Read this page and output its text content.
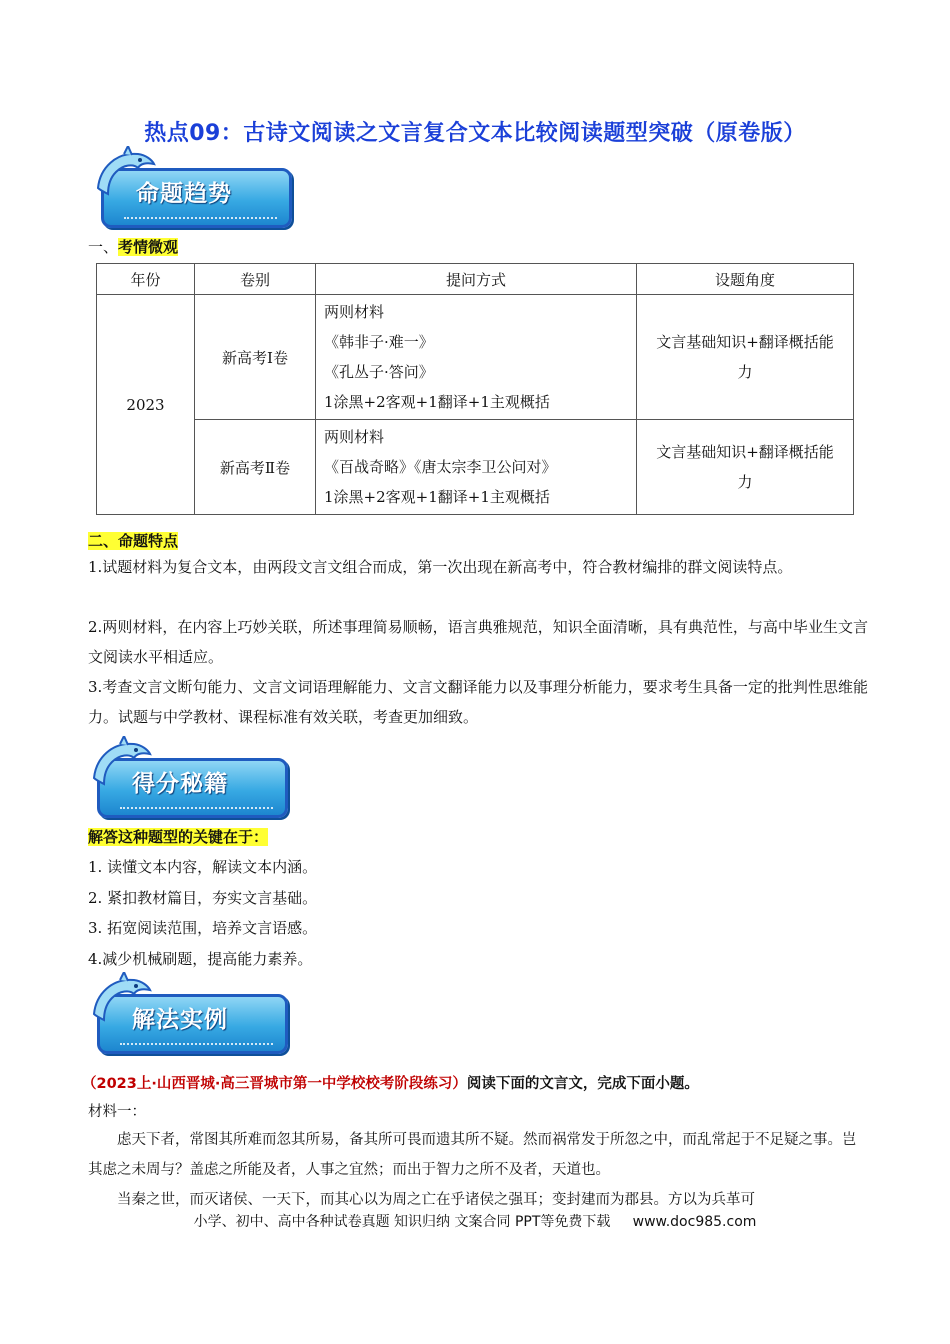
热点09：古诗文阅读之文言复合文本比较阅读题型突破（原卷版）
命题趋势
一、考情微观
年份	卷别	提问方式	设题角度
2023	新高考Ⅰ卷	两则材料
《韩非子·难一》
《孔丛子·答问》
1涂黑+2客观+1翻译+1主观概括	文言基础知识+翻译概括能力
	新高考Ⅱ卷	两则材料
《百战奇略》《唐太宗李卫公问对》
1涂黑+2客观+1翻译+1主观概括	文言基础知识+翻译概括能力
二、命题特点
1.试题材料为复合文本，由两段文言文组合而成，第一次出现在新高考中，符合教材编排的群文阅读特点。
2.两则材料，在内容上巧妙关联，所述事理简易顺畅，语言典雅规范，知识全面清晰，具有典范性，与高中毕业生文言文阅读水平相适应。
3.考查文言文断句能力、文言文词语理解能力、文言文翻译能力以及事理分析能力，要求考生具备一定的批判性思维能力。试题与中学教材、课程标准有效关联，考查更加细致。
得分秘籍
解答这种题型的关键在于：
1. 读懂文本内容，解读文本内涵。
2. 紧扣教材篇目，夯实文言基础。
3. 拓宽阅读范围，培养文言语感。
4.减少机械刷题，提高能力素养。
解法实例
（2023上·山西晋城·高三晋城市第一中学校校考阶段练习）阅读下面的文言文，完成下面小题。
材料一：
虑天下者，常图其所难而忽其所易，备其所可畏而遗其所不疑。然而祸常发于所忽之中，而乱常起于不足疑之事。岂其虑之未周与？盖虑之所能及者，人事之宜然；而出于智力之所不及者，天道也。
当秦之世，而灭诸侯、一天下，而其心以为周之亡在乎诸侯之强耳；变封建而为郡县。方以为兵革可
小学、初中、高中各种试卷真题 知识归纳 文案合同 PPT等免费下载 www.doc985.com
